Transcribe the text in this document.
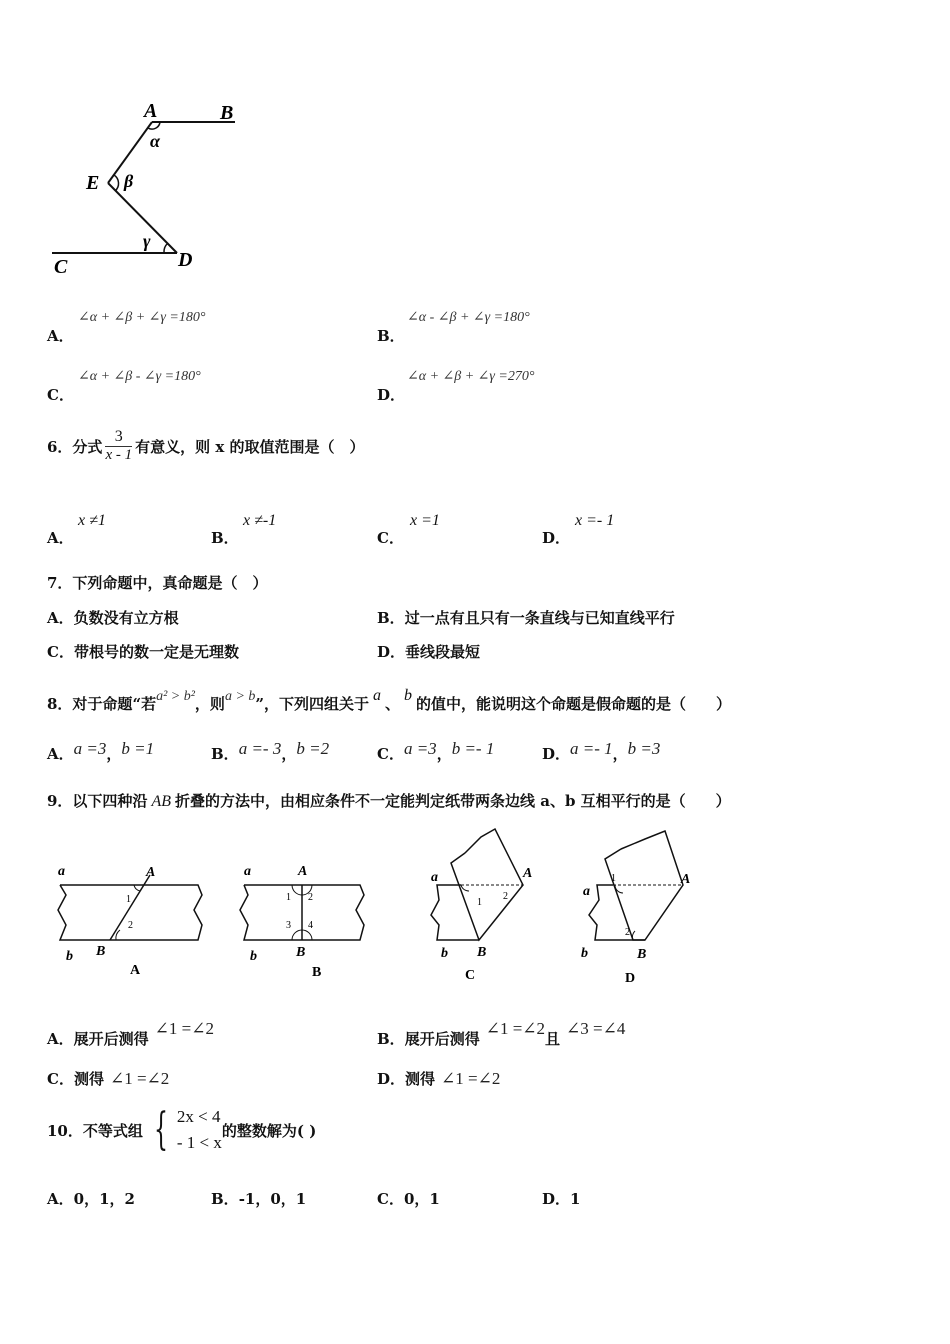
A	B
E
C	D
α
β
γ
A．
∠α + ∠β + ∠γ =180°
B．
∠α - ∠β + ∠γ =180°
C．
∠α + ∠β - ∠γ =180°
D．
∠α + ∠β + ∠γ =270°
6．分式 $\frac{3}{x - 1}$ 有意义，则 x 的取值范围是（　）
A．
x ≠1
B．
x ≠-1
C．
x =1
D．
x =- 1
7．下列命题中，真命题是（　）
A．负数没有立方根	B．过一点有且只有一条直线与已知直线平行
C．带根号的数一定是无理数	D．垂线段最短
8．对于命题“若a² > b²，则a > b”，下列四组关于 a 、 b 的值中，能说明这个命题是假命题的是（　　）
A．a =3，b =1	B．a =- 3，b =2	C．a =3，b =- 1	D．a =- 1，b =3
9．以下四种沿 AB 折叠的方法中，由相应条件不一定能判定纸带两条边线 a、b 互相平行的是（　　）
a	A
1
2
B
b
A
a	A
1 2
3 4
B
b
B
a	A
1
2
B
b
C
a
A
1
2
B
b
D
A．展开后测得∠1 =∠2
B．展开后测得∠1 =∠2且∠3 =∠4
C．测得 ∠1 =∠2	D．测得 ∠1 =∠2
10．不等式组 { 2x < 4
- 1 < x
的整数解为( )
A．0，1，2	B．-1，0，1	C．0，1	D．1
